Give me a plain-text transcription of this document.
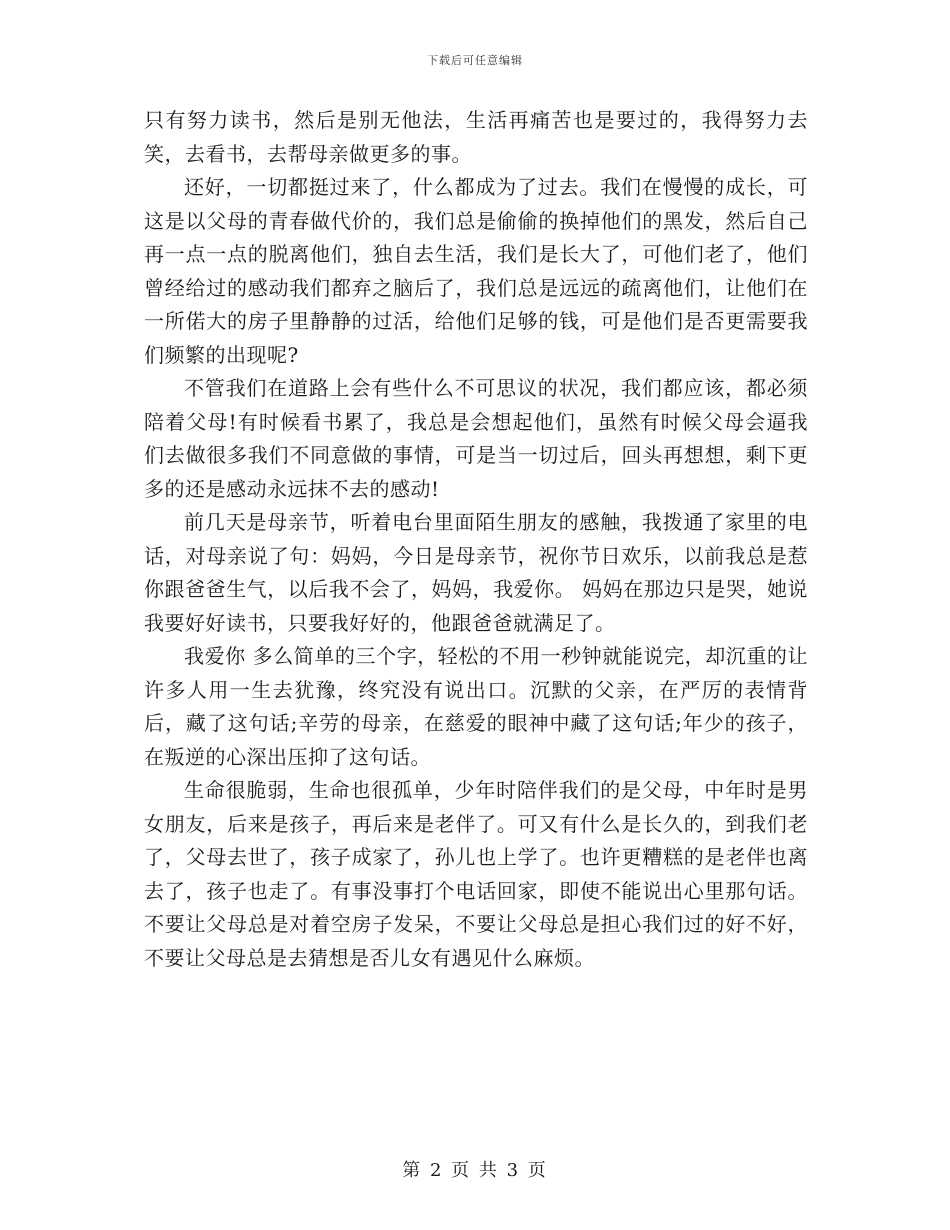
下载后可任意编辑

只有努力读书，然后是别无他法，生活再痛苦也是要过的，我得努力去笑，去看书，去帮母亲做更多的事。

还好，一切都挺过来了，什么都成为了过去。我们在慢慢的成长，可这是以父母的青春做代价的，我们总是偷偷的换掉他们的黑发，然后自己再一点一点的脱离他们，独自去生活，我们是长大了，可他们老了，他们曾经给过的感动我们都弃之脑后了，我们总是远远的疏离他们，让他们在一所偌大的房子里静静的过活，给他们足够的钱，可是他们是否更需要我们频繁的出现呢?

不管我们在道路上会有些什么不可思议的状况，我们都应该，都必须陪着父母!有时候看书累了，我总是会想起他们，虽然有时候父母会逼我们去做很多我们不同意做的事情，可是当一切过后，回头再想想，剩下更多的还是感动永远抹不去的感动!

前几天是母亲节，听着电台里面陌生朋友的感触，我拨通了家里的电话，对母亲说了句：妈妈，今日是母亲节，祝你节日欢乐，以前我总是惹你跟爸爸生气，以后我不会了，妈妈，我爱你。 妈妈在那边只是哭，她说我要好好读书，只要我好好的，他跟爸爸就满足了。

我爱你 多么简单的三个字，轻松的不用一秒钟就能说完，却沉重的让许多人用一生去犹豫，终究没有说出口。沉默的父亲，在严厉的表情背后，藏了这句话;辛劳的母亲，在慈爱的眼神中藏了这句话;年少的孩子，在叛逆的心深出压抑了这句话。

生命很脆弱，生命也很孤单，少年时陪伴我们的是父母，中年时是男女朋友，后来是孩子，再后来是老伴了。可又有什么是长久的，到我们老了，父母去世了，孩子成家了，孙儿也上学了。也许更糟糕的是老伴也离去了，孩子也走了。有事没事打个电话回家，即使不能说出心里那句话。不要让父母总是对着空房子发呆，不要让父母总是担心我们过的好不好，不要让父母总是去猜想是否儿女有遇见什么麻烦。

第 2 页 共 3 页
